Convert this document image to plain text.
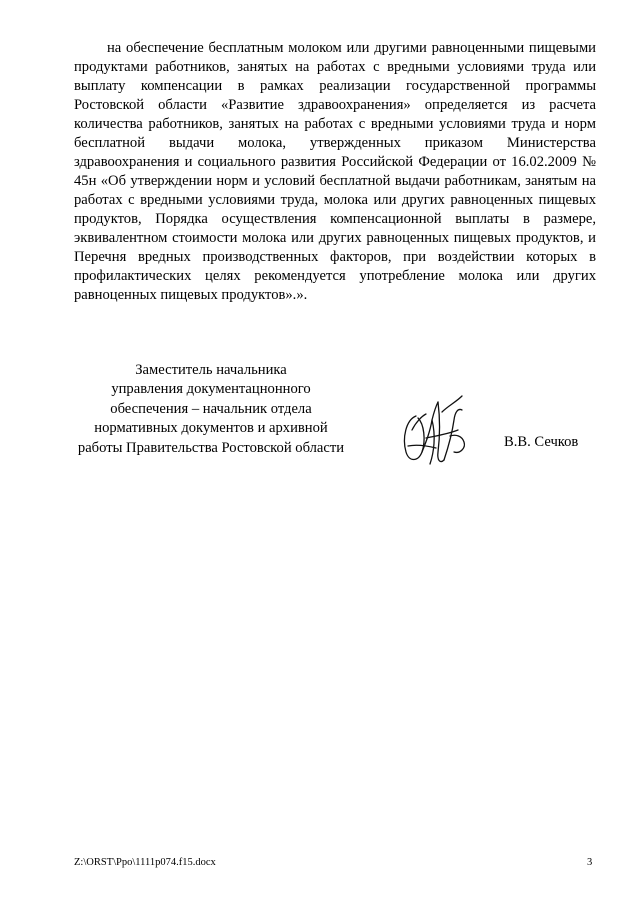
на обеспечение бесплатным молоком или другими равноценными пищевыми продуктами работников, занятых на работах с вредными условиями труда или выплату компенсации в рамках реализации государственной программы Ростовской области «Развитие здравоохранения» определяется из расчета количества работников, занятых на работах с вредными условиями труда и норм бесплатной выдачи молока, утвержденных приказом Министерства здравоохранения и социального развития Российской Федерации от 16.02.2009 № 45н «Об утверждении норм и условий бесплатной выдачи работникам, занятым на работах с вредными условиями труда, молока или других равноценных пищевых продуктов, Порядка осуществления компенсационной выплаты в размере, эквивалентном стоимости молока или других равноценных пищевых продуктов, и Перечня вредных производственных факторов, при воздействии которых в профилактических целях рекомендуется употребление молока или других равноценных пищевых продуктов».».

Заместитель начальника
управления документацнонного
обеспечения – начальник отдела
нормативных документов и архивной
работы Правительства Ростовской области	В.В. Сечков
Z:\ORST\Ppo\1111p074.f15.docx	3
